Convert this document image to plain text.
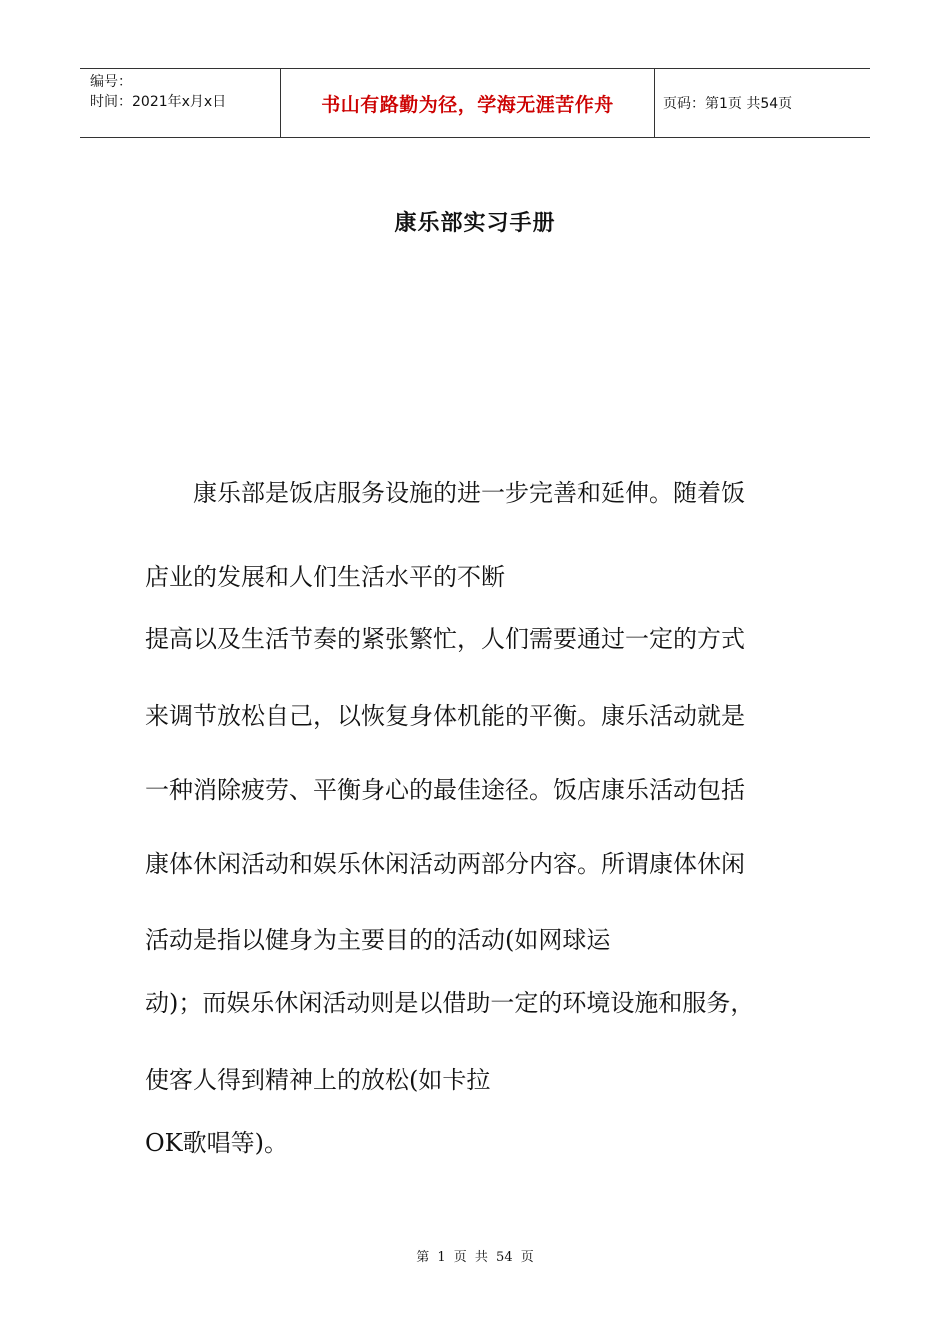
编号：
时间：2021年x月x日	书山有路勤为径，学海无涯苦作舟	页码：第1页 共54页
康乐部实习手册
康乐部是饭店服务设施的进一步完善和延伸。随着饭
店业的发展和人们生活水平的不断
提高以及生活节奏的紧张繁忙，人们需要通过一定的方式
来调节放松自己，以恢复身体机能的平衡。康乐活动就是
一种消除疲劳、平衡身心的最佳途径。饭店康乐活动包括
康体休闲活动和娱乐休闲活动两部分内容。所谓康体休闲
活动是指以健身为主要目的的活动(如网球运
动)；而娱乐休闲活动则是以借助一定的环境设施和服务，
使客人得到精神上的放松(如卡拉
OK歌唱等)。
第 1 页 共 54 页
